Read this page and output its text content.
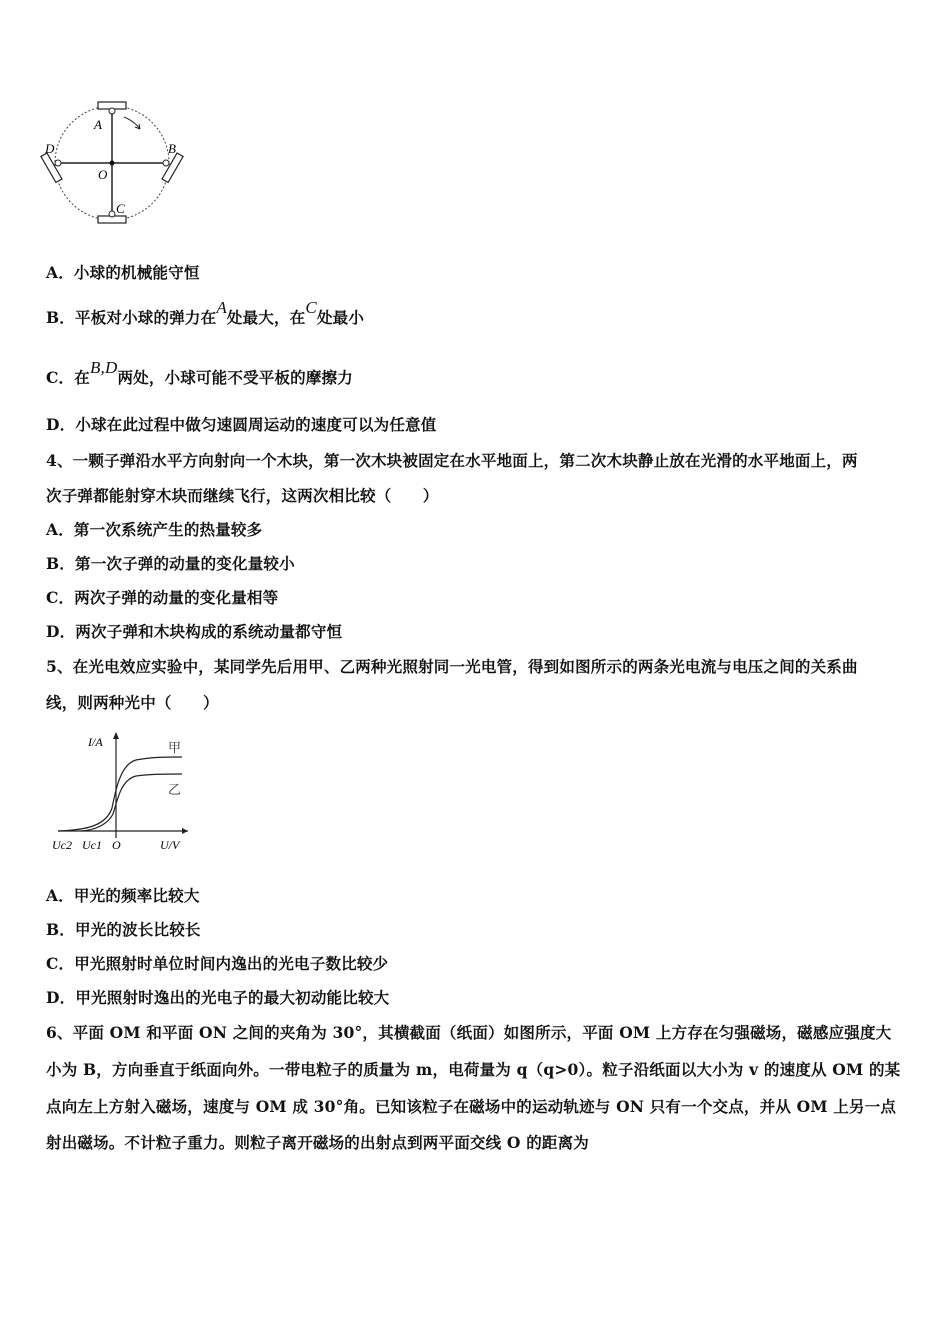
A
B
C
D
O
A．小球的机械能守恒
B．平板对小球的弹力在A处最大，在C处最小
C．在B,D两处，小球可能不受平板的摩擦力
D．小球在此过程中做匀速圆周运动的速度可以为任意值
4、一颗子弹沿水平方向射向一个木块，第一次木块被固定在水平地面上，第二次木块静止放在光滑的水平地面上，两
次子弹都能射穿木块而继续飞行，这两次相比较（　　）
A．第一次系统产生的热量较多
B．第一次子弹的动量的变化量较小
C．两次子弹的动量的变化量相等
D．两次子弹和木块构成的系统动量都守恒
5、在光电效应实验中，某同学先后用甲、乙两种光照射同一光电管，得到如图所示的两条光电流与电压之间的关系曲
线，则两种光中（　　）
I/A	甲
乙
Uc2 Uc1 O	U/V
A．甲光的频率比较大
B．甲光的波长比较长
C．甲光照射时单位时间内逸出的光电子数比较少
D．甲光照射时逸出的光电子的最大初动能比较大
6、平面 OM 和平面 ON 之间的夹角为 30°，其横截面（纸面）如图所示，平面 OM 上方存在匀强磁场，磁感应强度大
小为 B，方向垂直于纸面向外。一带电粒子的质量为 m，电荷量为 q（q>0）。粒子沿纸面以大小为 v 的速度从 OM 的某
点向左上方射入磁场，速度与 OM 成 30°角。已知该粒子在磁场中的运动轨迹与 ON 只有一个交点，并从 OM 上另一点
射出磁场。不计粒子重力。则粒子离开磁场的出射点到两平面交线 O 的距离为
